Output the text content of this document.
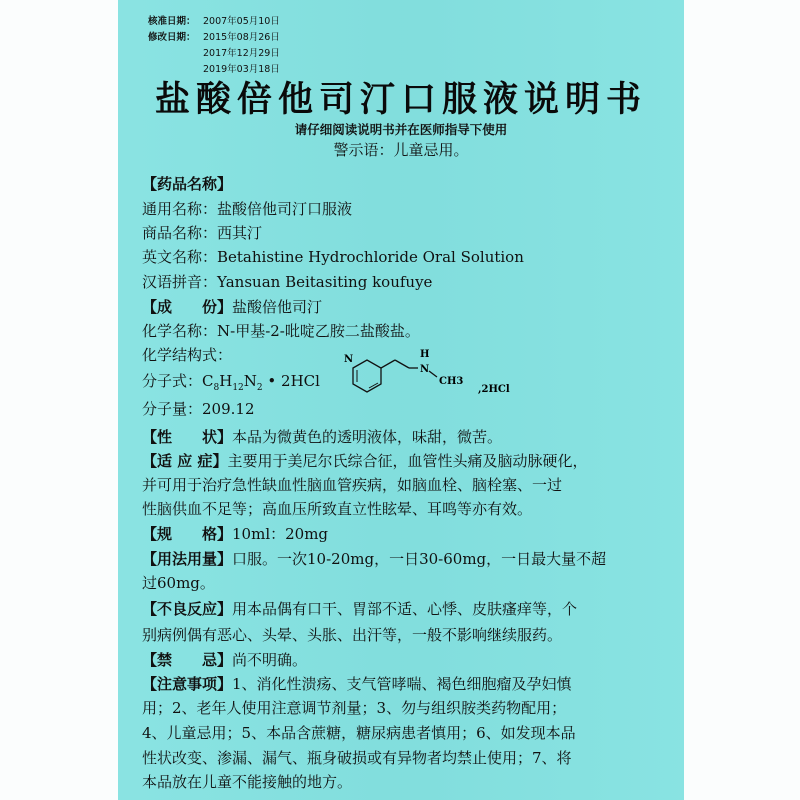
核准日期： 2007年05月10日
修改日期： 2015年08月26日
2017年12月29日
2019年03月18日
盐酸倍他司汀口服液说明书
请仔细阅读说明书并在医师指导下使用
警示语：儿童忌用。
【药品名称】
通用名称：盐酸倍他司汀口服液
商品名称：西其汀
英文名称：Betahistine Hydrochloride Oral Solution
汉语拼音：Yansuan Beitasiting koufuye
【成　　份】盐酸倍他司汀
化学名称：N-甲基-2-吡啶乙胺二盐酸盐。
化学结构式：
分子式：$C_8H_{12}N_2$ • 2HCl
N	H
N
CH3
,2HCl
分子量：209.12
【性　　状】本品为微黄色的透明液体，味甜，微苦。
【适 应 症】主要用于美尼尔氏综合征，血管性头痛及脑动脉硬化，
并可用于治疗急性缺血性脑血管疾病，如脑血栓、脑栓塞、一过
性脑供血不足等；高血压所致直立性眩晕、耳鸣等亦有效。
【规　　格】10ml：20mg
【用法用量】口服。一次10-20mg，一日30-60mg，一日最大量不超
过60mg。
【不良反应】用本品偶有口干、胃部不适、心悸、皮肤瘙痒等，个
别病例偶有恶心、头晕、头胀、出汗等，一般不影响继续服药。
【禁　　忌】尚不明确。
【注意事项】1、消化性溃疡、支气管哮喘、褐色细胞瘤及孕妇慎
用；2、老年人使用注意调节剂量；3、勿与组织胺类药物配用；
4、儿童忌用；5、本品含蔗糖，糖尿病患者慎用；6、如发现本品
性状改变、渗漏、漏气、瓶身破损或有异物者均禁止使用；7、将
本品放在儿童不能接触的地方。
